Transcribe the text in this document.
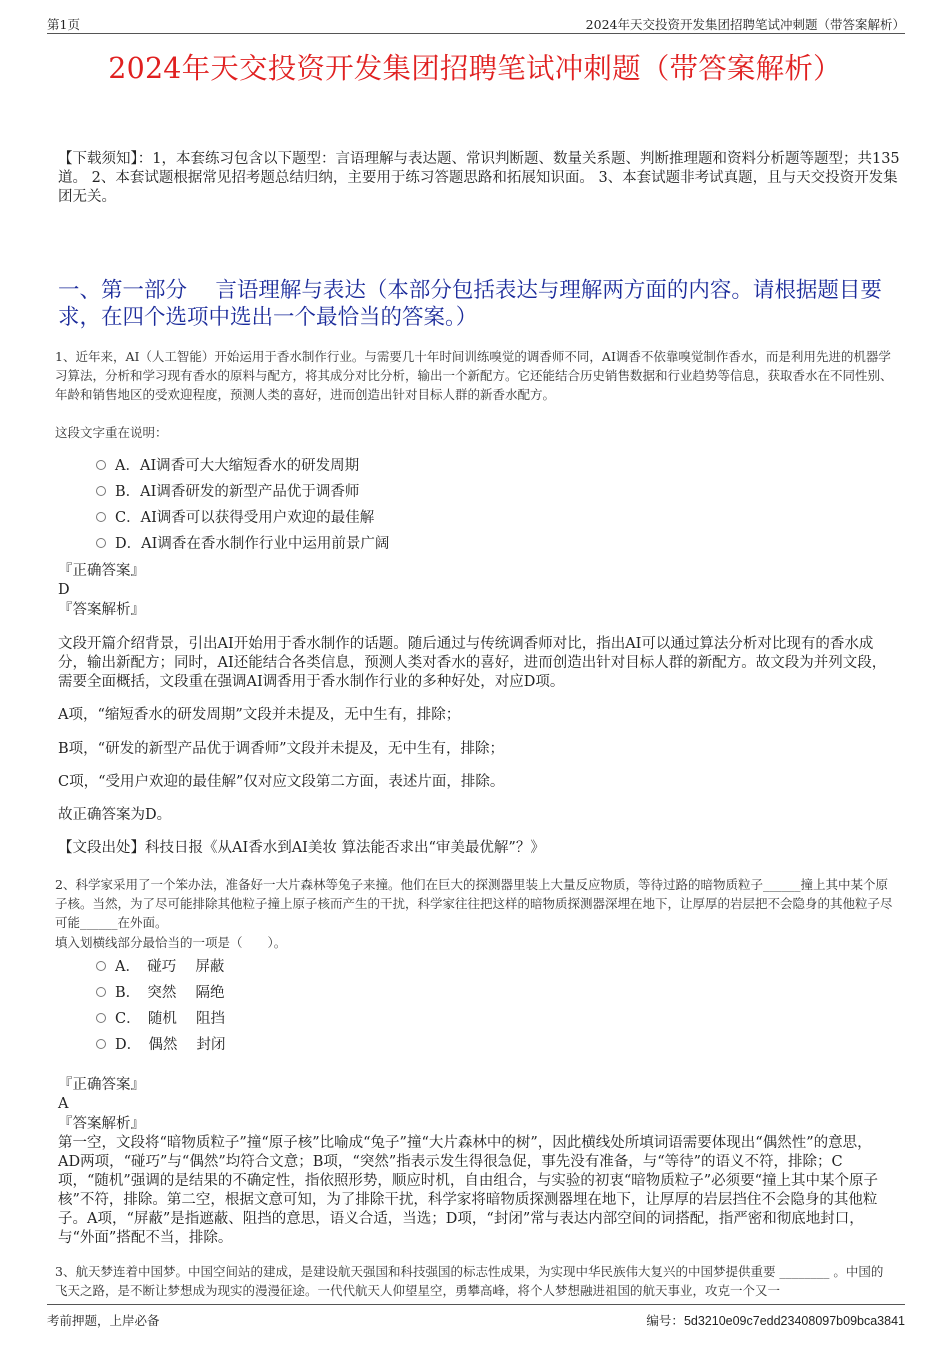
第1页	2024年天交投资开发集团招聘笔试冲刺题（带答案解析）
2024年天交投资开发集团招聘笔试冲刺题（带答案解析）
【下载须知】：1，本套练习包含以下题型：言语理解与表达题、常识判断题、数量关系题、判断推理题和资料分析题等题型；共135道。 2、本套试题根据常见招考题总结归纳，主要用于练习答题思路和拓展知识面。 3、本套试题非考试真题，且与天交投资开发集团无关。
一、第一部分　 言语理解与表达（本部分包括表达与理解两方面的内容。请根据题目要求，在四个选项中选出一个最恰当的答案。）
1、近年来，AI（人工智能）开始运用于香水制作行业。与需要几十年时间训练嗅觉的调香师不同，AI调香不依靠嗅觉制作香水，而是利用先进的机器学习算法，分析和学习现有香水的原料与配方，将其成分对比分析，输出一个新配方。它还能结合历史销售数据和行业趋势等信息，获取香水在不同性别、年龄和销售地区的受欢迎程度，预测人类的喜好，进而创造出针对目标人群的新香水配方。
这段文字重在说明：
A．AI调香可大大缩短香水的研发周期
B．AI调香研发的新型产品优于调香师
C．AI调香可以获得受用户欢迎的最佳解
D．AI调香在香水制作行业中运用前景广阔
『正确答案』
D
『答案解析』
文段开篇介绍背景，引出AI开始用于香水制作的话题。随后通过与传统调香师对比，指出AI可以通过算法分析对比现有的香水成分，输出新配方；同时，AI还能结合各类信息，预测人类对香水的喜好，进而创造出针对目标人群的新配方。故文段为并列文段，需要全面概括，文段重在强调AI调香用于香水制作行业的多种好处，对应D项。
A项，“缩短香水的研发周期”文段并未提及，无中生有，排除；
B项，“研发的新型产品优于调香师”文段并未提及，无中生有，排除；
C项，“受用户欢迎的最佳解”仅对应文段第二方面，表述片面，排除。
故正确答案为D。
【文段出处】科技日报《从AI香水到AI美妆 算法能否求出“审美最优解”？》
2、科学家采用了一个笨办法，准备好一大片森林等兔子来撞。他们在巨大的探测器里装上大量反应物质，等待过路的暗物质粒子______撞上其中某个原子核。当然，为了尽可能排除其他粒子撞上原子核而产生的干扰，科学家往往把这样的暗物质探测器深埋在地下，让厚厚的岩层把不会隐身的其他粒子尽可能______在外面。
填入划横线部分最恰当的一项是（　　）。
A．　碰巧　 屏蔽
B．　突然　 隔绝
C．　随机　 阻挡
D．　偶然　 封闭
『正确答案』
A
『答案解析』
第一空，文段将“暗物质粒子”撞“原子核”比喻成“兔子”撞“大片森林中的树”，因此横线处所填词语需要体现出“偶然性”的意思，AD两项，“碰巧”与“偶然”均符合文意；B项，“突然”指表示发生得很急促，事先没有准备，与“等待”的语义不符，排除；C项，“随机”强调的是结果的不确定性，指依照形势，顺应时机，自由组合，与实验的初衷“暗物质粒子”必须要“撞上其中某个原子核”不符，排除。第二空，根据文意可知，为了排除干扰，科学家将暗物质探测器埋在地下，让厚厚的岩层挡住不会隐身的其他粒子。A项，“屏蔽”是指遮蔽、阻挡的意思，语义合适，当选；D项，“封闭”常与表达内部空间的词搭配，指严密和彻底地封口，与“外面”搭配不当，排除。
3、航天梦连着中国梦。中国空间站的建成，是建设航天强国和科技强国的标志性成果，为实现中华民族伟大复兴的中国梦提供重要 ________ 。中国的飞天之路，是不断让梦想成为现实的漫漫征途。一代代航天人仰望星空，勇攀高峰，将个人梦想融进祖国的航天事业，攻克一个又一
考前押题，上岸必备	编号：5d3210e09c7edd23408097b09bca3841
